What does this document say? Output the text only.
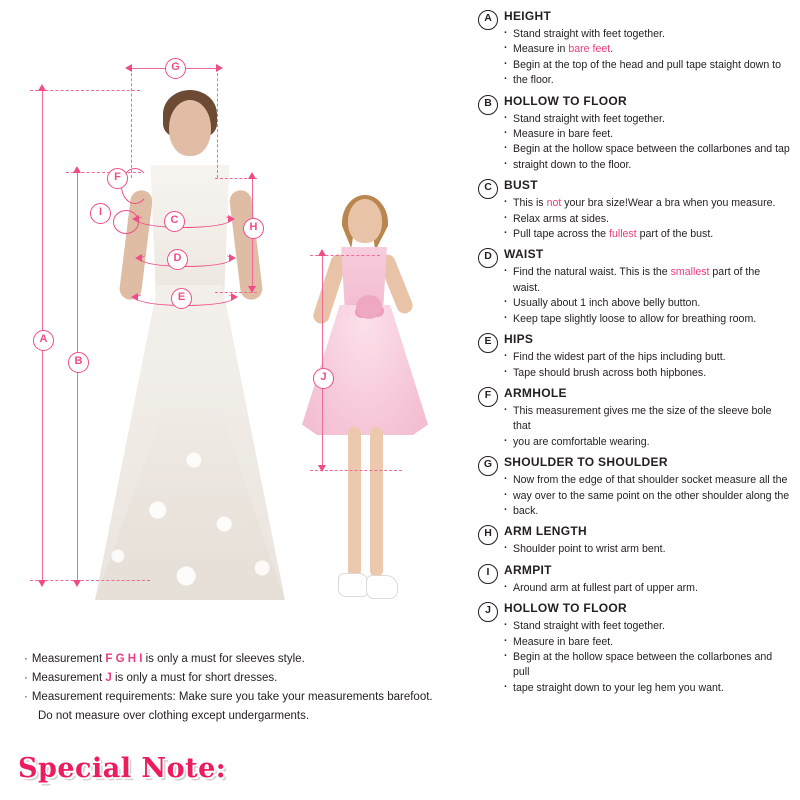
A
B
G
H
F
I
C
D
E
J
· Measurement F G H I is only a must for sleeves style.
· Measurement J is only a must for short dresses.
· Measurement requirements: Make sure you take your measurements barefoot.
Do not measure over clothing except undergarments.
Special Note:
A	HEIGHT
· Stand straight with feet together.
· Measure in bare feet.
· Begin at the top of the head and pull tape staight down to
· the floor.
B	HOLLOW TO FLOOR
· Stand straight with feet together.
· Measure in bare feet.
· Begin at the hollow space between the collarbones and tap
· straight down to the floor.
C	BUST
· This is not your bra size!Wear a bra when you measure.
· Relax arms at sides.
· Pull tape across the fullest part of the bust.
D	WAIST
· Find the natural waist. This is the smallest part of the waist.
· Usually about 1 inch above belly button.
· Keep tape slightly loose to allow for breathing room.
E	HIPS
· Find the widest part of the hips including butt.
· Tape should brush across both hipbones.
F	ARMHOLE
· This measurement gives me the size of the sleeve bole that
· you are comfortable wearing.
G SHOULDER TO SHOULDER
· Now from the edge of that shoulder socket measure all the
· way over to the same point on the other shoulder along the
· back.
H	ARM LENGTH
· Shoulder point to wrist arm bent.
I	ARMPIT
· Around arm at fullest part of upper arm.
J	HOLLOW TO FLOOR
· Stand straight with feet together.
· Measure in bare feet.
· Begin at the hollow space between the collarbones and pull
· tape straight down to your leg hem you want.
